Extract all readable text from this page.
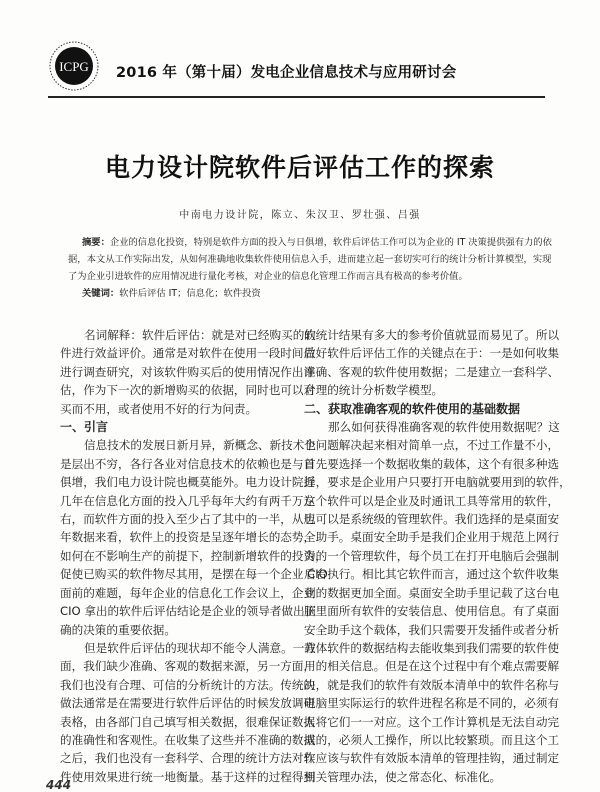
ICPG 2016 年（第十届）发电企业信息技术与应用研讨会
电力设计院软件后评估工作的探索
中南电力设计院，陈立、朱汉卫、罗壮强、吕强
摘要：企业的信息化投资，特别是软件方面的投入与日俱增，软件后评估工作可以为企业的 IT 决策提供强有力的依
据，本文从工作实际出发，从如何准确地收集软件使用信息入手，进而建立起一套切实可行的统计分析计算模型，实现
了为企业引进软件的应用情况进行量化考核，对企业的信息化管理工作而言具有极高的参考价值。
关键词：软件后评估 IT；信息化；软件投资
名词解释：软件后评估：就是对已经购买的软
件进行效益评价。通常是对软件在使用一段时间后
进行调查研究，对该软件购买后的使用情况作出评
估，作为下一次的新增购买的依据，同时也可以对
买而不用，或者使用不好的行为问责。
一、引言
信息技术的发展日新月异，新概念、新技术也
是层出不穷，各行各业对信息技术的依赖也是与日
俱增，我们电力设计院也概莫能外。电力设计院近
几年在信息化方面的投入几乎每年大约有两千万左
右，而软件方面的投入至少占了其中的一半，从历
年数据来看，软件上的投资是呈逐年增长的态势，
如何在不影响生产的前提下，控制新增软件的投资，
促使已购买的软件物尽其用，是摆在每一个企业 CIO
面前的难题，每年企业的信息化工作会议上，企业
CIO 拿出的软件后评估结论是企业的领导者做出正
确的决策的重要依据。
但是软件后评估的现状却不能令人满意。一方
面，我们缺少准确、客观的数据来源，另一方面，
我们也没有合理、可信的分析统计的方法。传统的
做法通常是在需要进行软件后评估的时候发放调研
表格，由各部门自己填写相关数据，很难保证数据
的准确性和客观性。在收集了这些并不准确的数据
之后，我们也没有一套科学、合理的统计方法对软
件使用效果进行统一地衡量。基于这样的过程得到
的统计结果有多大的参考价值就显而易见了。所以
做好软件后评估工作的关键点在于：一是如何收集
准确、客观的软件使用数据；二是建立一套科学、
合理的统计分析数学模型。
二、获取准确客观的软件使用的基础数据
那么如何获得准确客观的软件使用数据呢？这
个问题解决起来相对简单一点，不过工作量不小，
首先要选择一个数据收集的载体，这个有很多种选
择，要求是企业用户只要打开电脑就要用到的软件，
这个软件可以是企业及时通讯工具等常用的软件，
也可以是系统级的管理软件。我们选择的是桌面安
全助手。桌面安全助手是我们企业用于规范上网行
为的一个管理软件，每个员工在打开电脑后会强制
后台执行。相比其它软件而言，通过这个软件收集
到的数据更加全面。桌面安全助手里记载了这台电
脑里面所有软件的安装信息、使用信息。有了桌面
安全助手这个载体，我们只需要开发插件或者分析
载体软件的数据结构去能收集到我们需要的软件使
用的相关信息。但是在这个过程中有个难点需要解
决，就是我们的软件有效版本清单中的软件名称与
电脑里实际运行的软件进程名称是不同的，必须有
人将它们一一对应。这个工作计算机是无法自动完
成的，必须人工操作，所以比较繁琐。而且这个工
作应该与软件有效版本清单的管理挂钩，通过制定
相关管理办法，使之常态化、标准化。
444
